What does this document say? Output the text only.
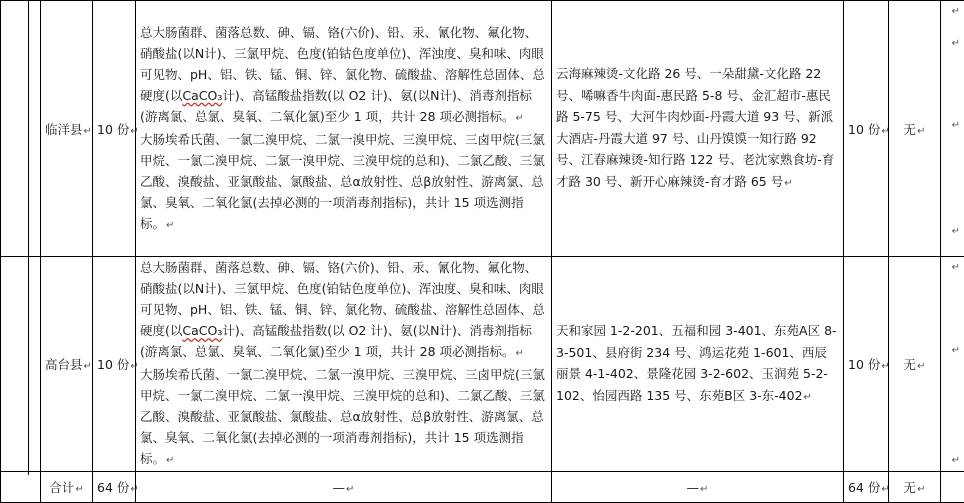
	临洋县↵	10 份↵	总大肠菌群、菌落总数、砷、镉、铬(六价)、铅、汞、氰化物、氟化物、硝酸盐(以N计)、三氯甲烷、色度(铂钴色度单位)、浑浊度、臭和味、肉眼可见物、pH、铝、铁、锰、铜、锌、氯化物、硫酸盐、溶解性总固体、总硬度(以CaCO₃计)、高锰酸盐指数(以 O2 计)、氨(以N计)、消毒剂指标(游离氯、总氯、臭氧、二氧化氯)至少 1 项，共计 28 项必测指标。↵
大肠埃希氏菌、一氯二溴甲烷、二氯一溴甲烷、三溴甲烷、三卤甲烷(三氯甲烷、一氯二溴甲烷、二氯一溴甲烷、三溴甲烷的总和)、二氯乙酸、三氯乙酸、溴酸盐、亚氯酸盐、氯酸盐、总α放射性、总β放射性、游离氯、总氯、臭氧、二氧化氯(去掉必测的一项消毒剂指标)，共计 15 项选测指标。↵	云海麻辣烫-文化路 26 号、一朵甜黛-文化路 22 号、唏嘛香牛肉面-惠民路 5-8 号、金汇超市-惠民路 5-75 号、大河牛肉炒面-丹霞大道 93 号、新派大酒店-丹霞大道 97 号、山丹馍馍一知行路 92 号、江春麻辣烫-知行路 122 号、老沈家熟食坊-育才路 30 号、新开心麻辣烫-育才路 65 号↵	10 份↵	无↵	
	高台县↵	10 份↵	总大肠菌群、菌落总数、砷、镉、铬(六价)、铅、汞、氰化物、氟化物、硝酸盐(以N计)、三氯甲烷、色度(铂钴色度单位)、浑浊度、臭和味、肉眼可见物、pH、铝、铁、锰、铜、锌、氯化物、硫酸盐、溶解性总固体、总硬度(以CaCO₃计)、高锰酸盐指数(以 O2 计)、氨(以N计)、消毒剂指标(游离氯、总氯、臭氧、二氧化氯)至少 1 项，共计 28 项必测指标。↵
大肠埃希氏菌、一氯二溴甲烷、二氯一溴甲烷、三溴甲烷、三卤甲烷(三氯甲烷、一氯二溴甲烷、二氯一溴甲烷、三溴甲烷的总和)、二氯乙酸、三氯乙酸、溴酸盐、亚氯酸盐、氯酸盐、总α放射性、总β放射性、游离氯、总氯、臭氧、二氧化氯(去掉必测的一项消毒剂指标)，共计 15 项选测指标。↵	天和家园 1-2-201、五福和园 3-401、东苑A区 8-3-501、县府街 234 号、鸿运花苑 1-601、西辰丽景 4-1-402、景隆花园 3-2-602、玉润苑 5-2-102、怡园西路 135 号、东苑B区 3-东-402↵	10 份↵	无↵	
	合计↵	64 份↵	—↵	—↵	64 份↵	无↵	
↵
↵
↵
↵
↵
↵
↵
